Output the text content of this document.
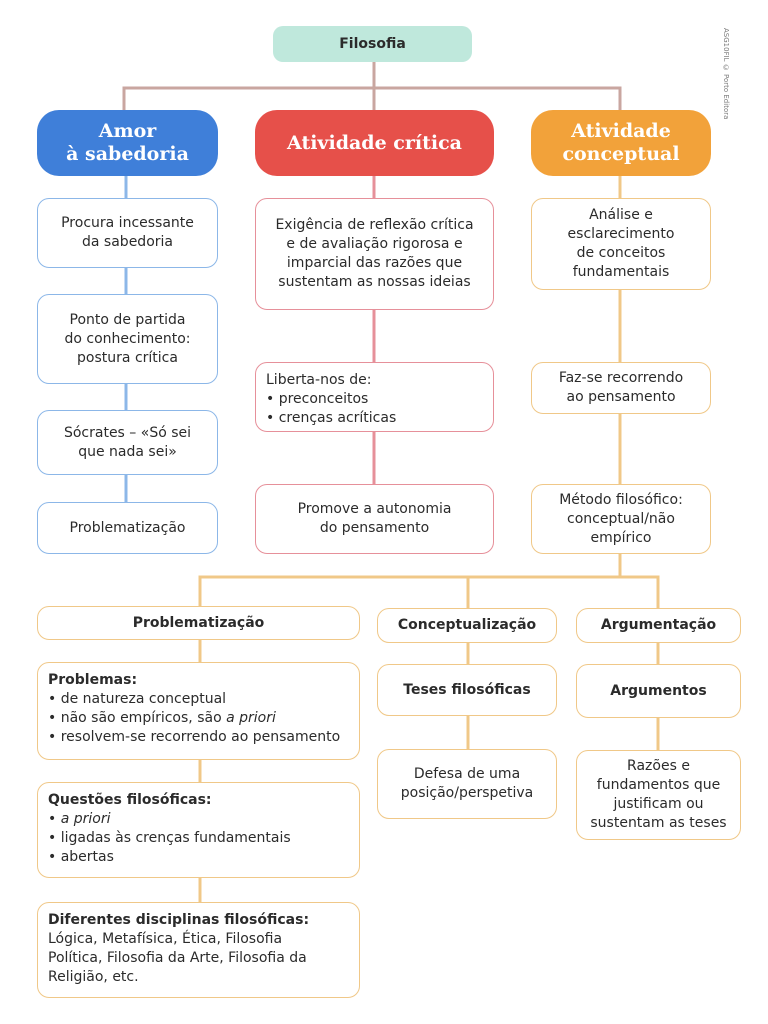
ASG10FIL © Porto Editora
Filosofia
Amor
à sabedoria
Atividade crítica
Atividade
conceptual
Procura incessante
da sabedoria
Ponto de partida
do conhecimento:
postura crítica
Sócrates – «Só sei
que nada sei»
Problematização
Exigência de reflexão crítica
e de avaliação rigorosa e
imparcial das razões que
sustentam as nossas ideias
Liberta-nos de:
• preconceitos
• crenças acríticas
Promove a autonomia
do pensamento
Análise e
esclarecimento
de conceitos
fundamentais
Faz-se recorrendo
ao pensamento
Método filosófico:
conceptual/não
empírico
Problematização	Conceptualização	Argumentação
Problemas:
• de natureza conceptual
• não são empíricos, são a priori
• resolvem-se recorrendo ao pensamento
Questões filosóficas:
• a priori
• ligadas às crenças fundamentais
• abertas
Diferentes disciplinas filosóficas:
Lógica, Metafísica, Ética, Filosofia
Política, Filosofia da Arte, Filosofia da
Religião, etc.
Teses filosóficas
Defesa de uma
posição/perspetiva
Argumentos
Razões e
fundamentos que
justificam ou
sustentam as teses
